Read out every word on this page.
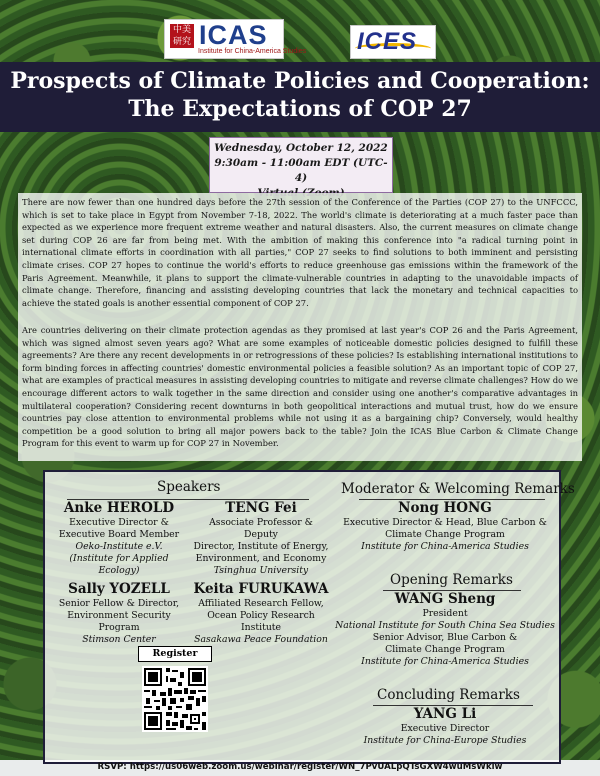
中美研究所
ICAS
Institute for China-America Studies ICES
Prospects of Climate Policies and Cooperation:
The Expectations of COP 27
Wednesday, October 12, 2022
9:30am - 11:00am EDT (UTC-4)
There are now fewer than one hundred days before the 27th session of the Conference of the Parties (COP 27) to the UNFCCC, which is set to take place in Egypt from November 7-18, 2022. The world's climate is deteriorating at a much faster pace than expected as we experience more frequent extreme weather and natural disasters. Also, the current measures on climate change set during COP 26 are far from being met. With the ambition of making this conference into "a radical turning point in international climate efforts in coordination with all parties," COP 27 seeks to find solutions to both imminent and persisting climate crises. COP 27 hopes to continue the world's efforts to reduce greenhouse gas emissions within the framework of the Paris Agreement. Meanwhile, it plans to support the climate-vulnerable countries in adapting to the unavoidable impacts of climate change. Therefore, financing and assisting developing countries that lack the monetary and technical capacities to achieve the stated goals is another essential component of COP 27.
Are countries delivering on their climate protection agendas as they promised at last year's COP 26 and the Paris Agreement, which was signed almost seven years ago? What are some examples of noticeable domestic policies designed to fulfill these agreements? Are there any recent developments in or retrogressions of these policies? Is establishing international institutions to form binding forces in affecting countries' domestic environmental policies a feasible solution? As an important topic of COP 27, what are examples of practical measures in assisting developing countries to mitigate and reverse climate challenges? How do we encourage different actors to walk together in the same direction and consider using one another's comparative advantages in multilateral cooperation? Considering recent downturns in both geopolitical interactions and mutual trust, how do we ensure countries pay close attention to environmental problems while not using it as a bargaining chip? Conversely, would healthy competition be a good solution to bring all major powers back to the table? Join the ICAS Blue Carbon & Climate Change Program for this event to warm up for COP 27 in November.
Speakers
Anke HEROLD
Executive Director &
Executive Board Member
Oeko-Institute e.V.
(Institute for Applied Ecology)
TENG Fei
Associate Professor & Deputy
Director, Institute of Energy,
Environment, and Economy
Tsinghua University
Sally YOZELL
Senior Fellow & Director,
Environment Security Program
Stimson Center
Keita FURUKAWA
Affiliated Research Fellow,
Ocean Policy Research Institute
Sasakawa Peace Foundation
Moderator & Welcoming Remarks
Nong HONG
Executive Director & Head, Blue Carbon &
Climate Change Program
Institute for China-America Studies
Opening Remarks
WANG Sheng
President
National Institute for South China Sea Studies
Senior Advisor, Blue Carbon &
Climate Change Program
Institute for China-America Studies
Concluding Remarks
YANG Li
Executive Director
Institute for China-Europe Studies
Register
RSVP: https://us06web.zoom.us/webinar/register/WN_7PvUALpQTsGXW4wuMsWkiw
